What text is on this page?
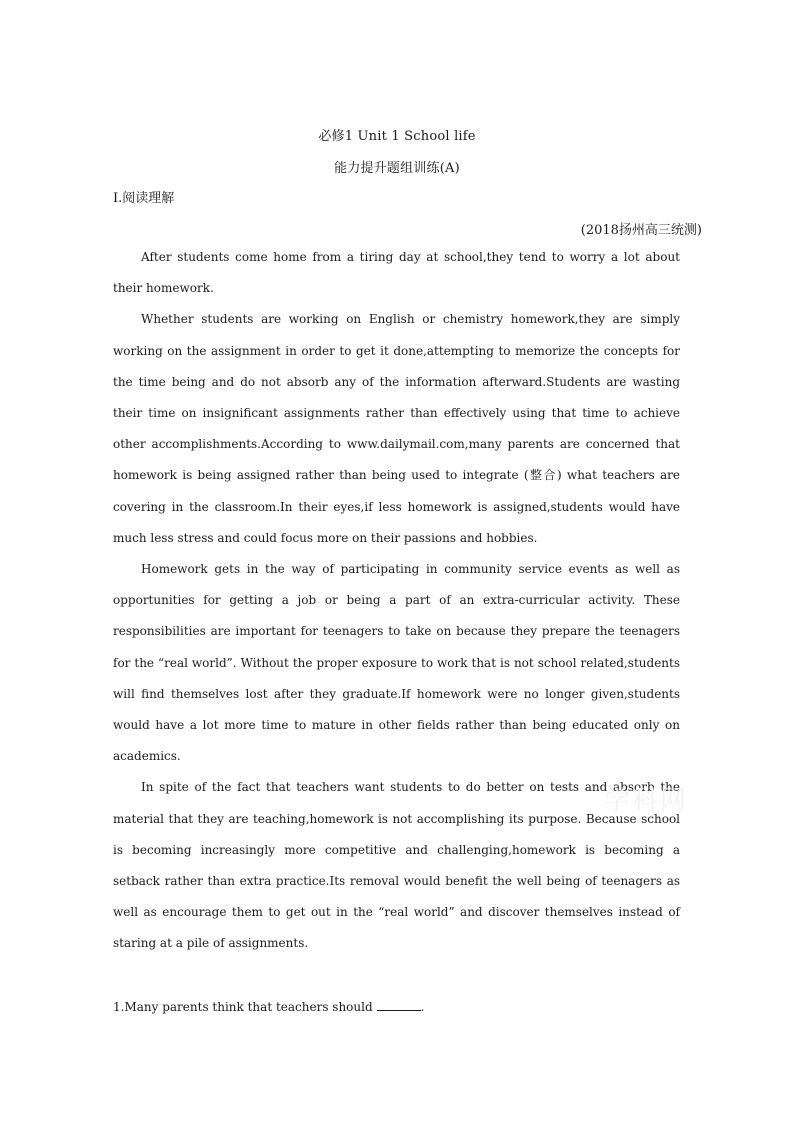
必修1 Unit 1 School life
能力提升题组训练(A)
Ⅰ.阅读理解
(2018扬州高三统测)

After students come home from a tiring day at school,they tend to worry a lot about their homework.

Whether students are working on English or chemistry homework,they are simply working on the assignment in order to get it done,attempting to memorize the concepts for the time being and do not absorb any of the information afterward.Students are wasting their time on insignificant assignments rather than effectively using that time to achieve other accomplishments.According to www.dailymail.com,many parents are concerned that homework is being assigned rather than being used to integrate (整合) what teachers are covering in the classroom.In their eyes,if less homework is assigned,students would have much less stress and could focus more on their passions and hobbies.

Homework gets in the way of participating in community service events as well as opportunities for getting a job or being a part of an extra-curricular activity. These responsibilities are important for teenagers to take on because they prepare the teenagers for the “real world”. Without the proper exposure to work that is not school related,students will find themselves lost after they graduate.If homework were no longer given,students would have a lot more time to mature in other fields rather than being educated only on academics.

In spite of the fact that teachers want students to do better on tests and absorb the material that they are teaching,homework is not accomplishing its purpose. Because school is becoming increasingly more competitive and challenging,homework is becoming a setback rather than extra practice.Its removal would benefit the well being of teenagers as well as encourage them to get out in the “real world” and discover themselves instead of staring at a pile of assignments.

1.Many parents think that teachers should	.
学科网
